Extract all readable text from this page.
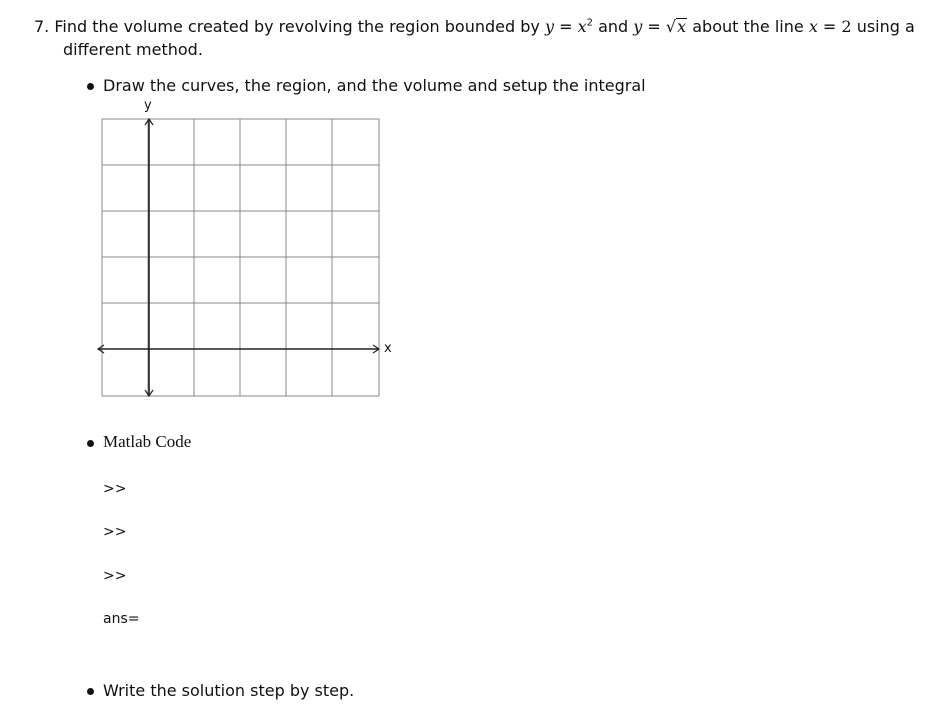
7. Find the volume created by revolving the region bounded by $y = x^2$ and y = √x about the line x = 2 using a
different method.
Draw the curves, the region, and the volume and setup the integral
y
x
Matlab Code
>>
>>
>>
ans=
Write the solution step by step.
